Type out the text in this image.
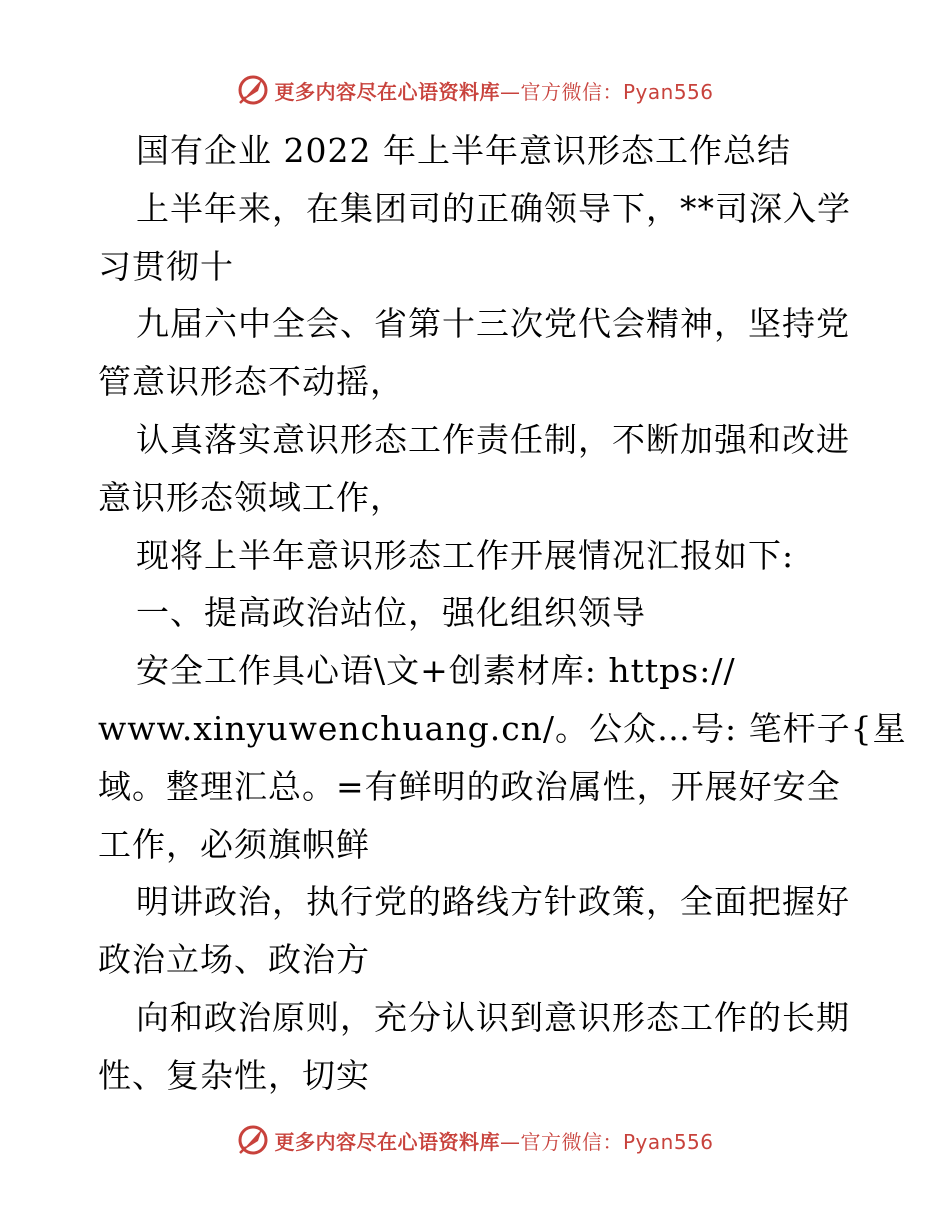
更多内容尽在心语资料库—官方微信：Pyan556
国有企业 2022 年上半年意识形态工作总结
上半年来，在集团司的正确领导下，**司深入学
习贯彻十
九届六中全会、省第十三次党代会精神，坚持党
管意识形态不动摇，
认真落实意识形态工作责任制，不断加强和改进
意识形态领域工作，
现将上半年意识形态工作开展情况汇报如下:
一、提高政治站位，强化组织领导
安全工作具心语\文+创素材库: https://
www.xinyuwenchuang.cn/。公众…号: 笔杆子{星
域。整理汇总。=有鲜明的政治属性，开展好安全
工作，必须旗帜鲜
明讲政治，执行党的路线方针政策，全面把握好
政治立场、政治方
向和政治原则，充分认识到意识形态工作的长期
性、复杂性，切实
更多内容尽在心语资料库—官方微信：Pyan556
